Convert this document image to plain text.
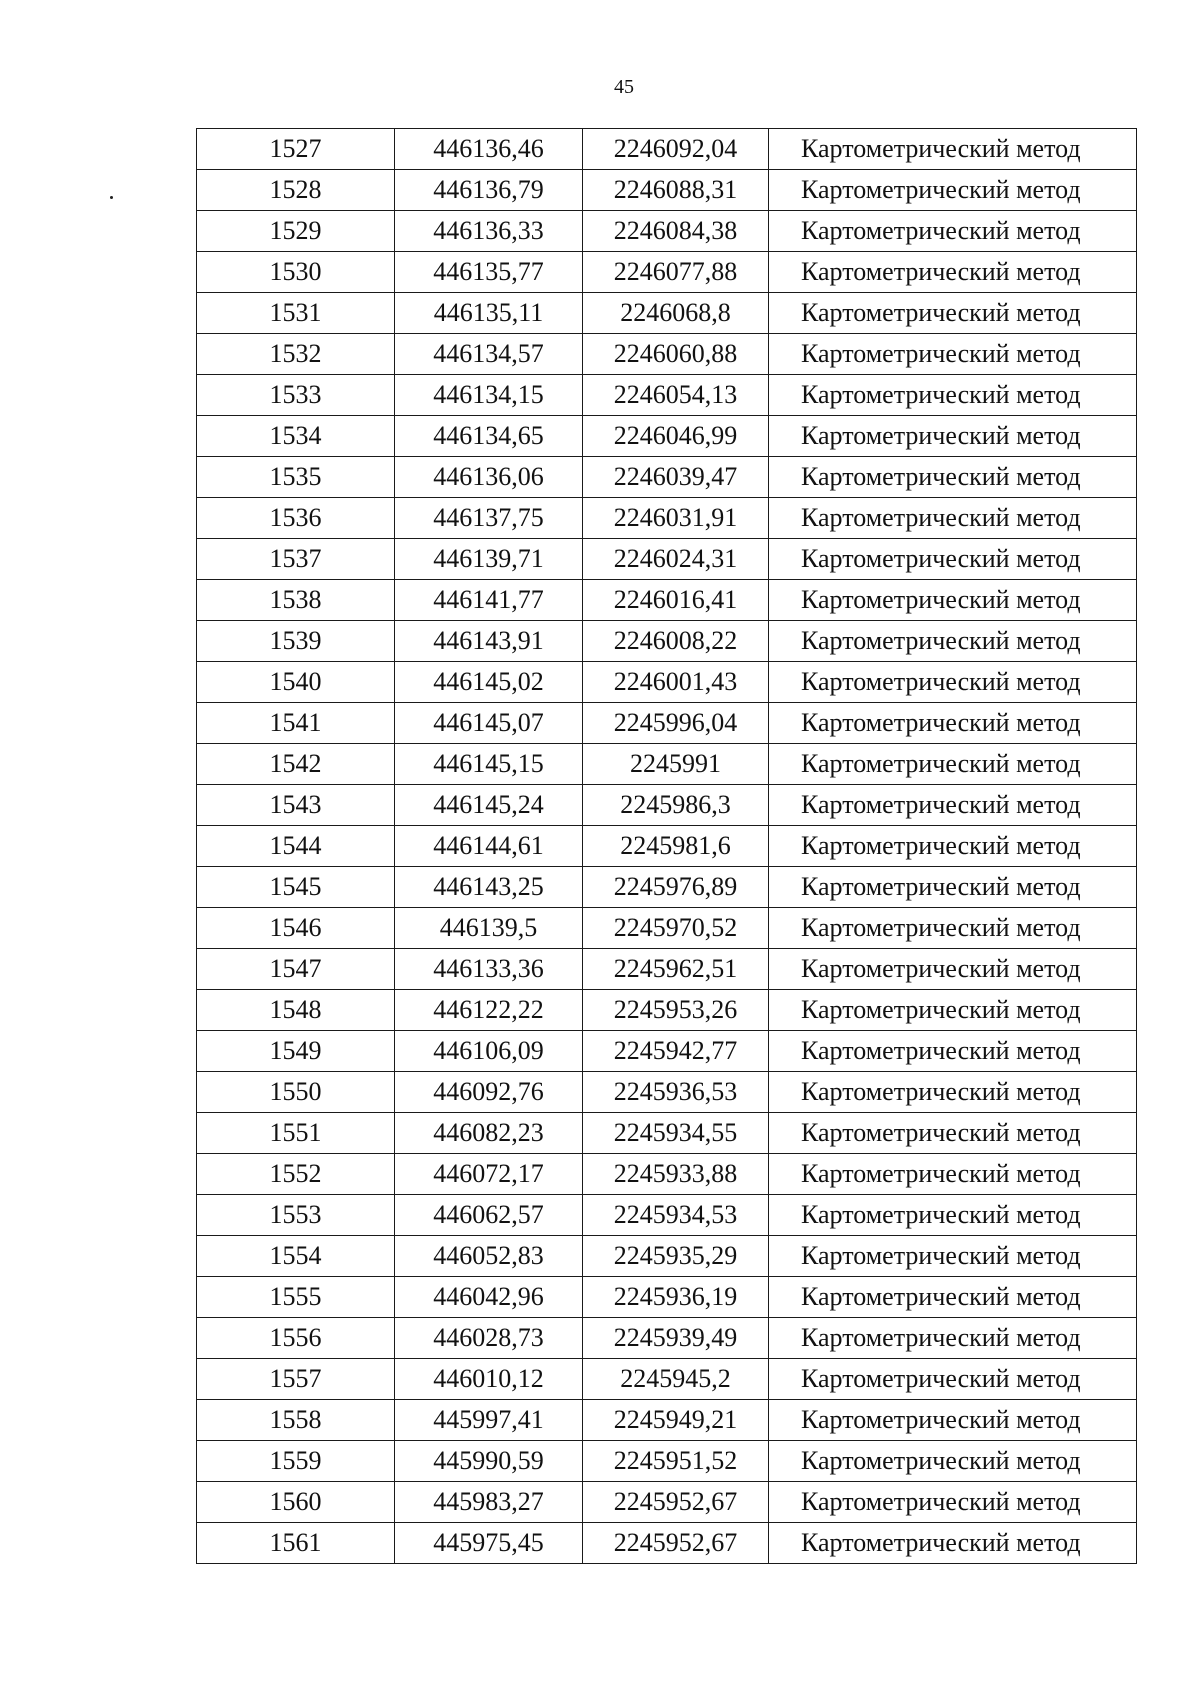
45
1527	446136,46	2246092,04	Картометрический метод
1528	446136,79	2246088,31	Картометрический метод
1529	446136,33	2246084,38	Картометрический метод
1530	446135,77	2246077,88	Картометрический метод
1531	446135,11	2246068,8	Картометрический метод
1532	446134,57	2246060,88	Картометрический метод
1533	446134,15	2246054,13	Картометрический метод
1534	446134,65	2246046,99	Картометрический метод
1535	446136,06	2246039,47	Картометрический метод
1536	446137,75	2246031,91	Картометрический метод
1537	446139,71	2246024,31	Картометрический метод
1538	446141,77	2246016,41	Картометрический метод
1539	446143,91	2246008,22	Картометрический метод
1540	446145,02	2246001,43	Картометрический метод
1541	446145,07	2245996,04	Картометрический метод
1542	446145,15	2245991	Картометрический метод
1543	446145,24	2245986,3	Картометрический метод
1544	446144,61	2245981,6	Картометрический метод
1545	446143,25	2245976,89	Картометрический метод
1546	446139,5	2245970,52	Картометрический метод
1547	446133,36	2245962,51	Картометрический метод
1548	446122,22	2245953,26	Картометрический метод
1549	446106,09	2245942,77	Картометрический метод
1550	446092,76	2245936,53	Картометрический метод
1551	446082,23	2245934,55	Картометрический метод
1552	446072,17	2245933,88	Картометрический метод
1553	446062,57	2245934,53	Картометрический метод
1554	446052,83	2245935,29	Картометрический метод
1555	446042,96	2245936,19	Картометрический метод
1556	446028,73	2245939,49	Картометрический метод
1557	446010,12	2245945,2	Картометрический метод
1558	445997,41	2245949,21	Картометрический метод
1559	445990,59	2245951,52	Картометрический метод
1560	445983,27	2245952,67	Картометрический метод
1561	445975,45	2245952,67	Картометрический метод
